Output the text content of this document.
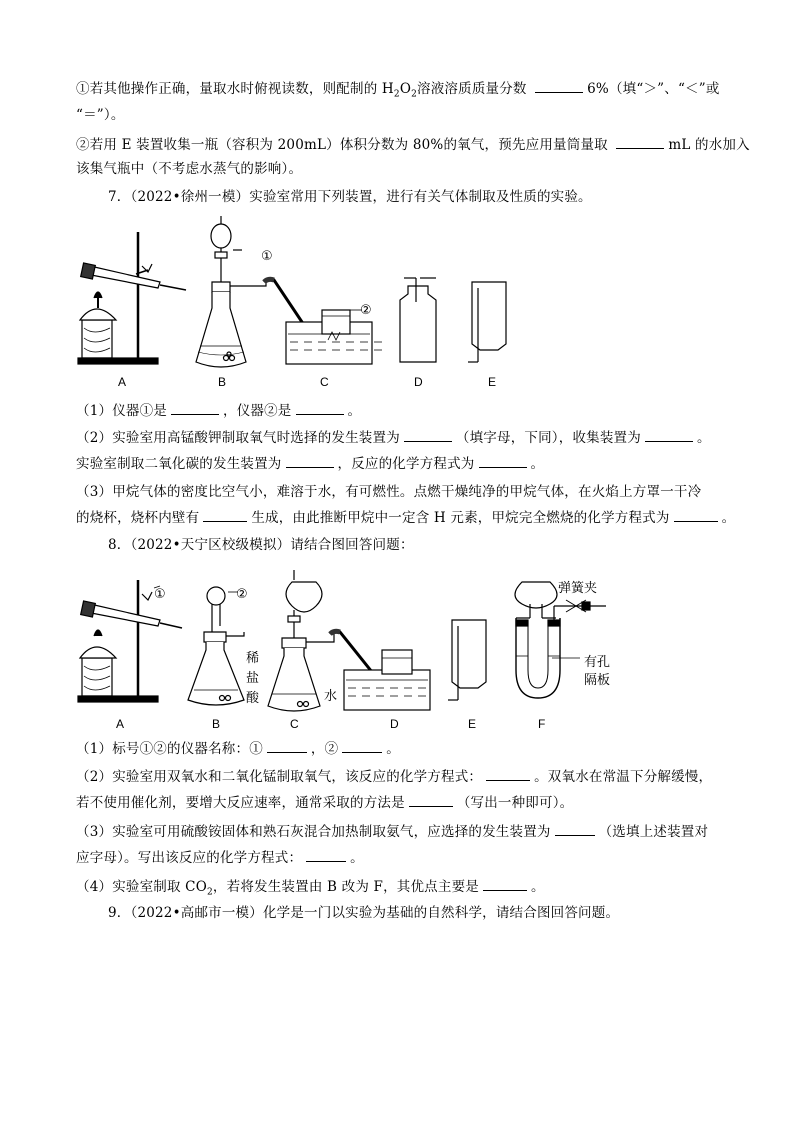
①若其他操作正确，量取水时俯视读数，则配制的 $H_2O_2$溶液溶质质量分数	6%（填“＞”、“＜”或
“＝”）。
②若用 E 装置收集一瓶（容积为 200mL）体积分数为 80%的氧气，预先应用量筒量取	mL 的水加入
该集气瓶中（不考虑水蒸气的影响）。
7．（2022•徐州一模）实验室常用下列装置，进行有关气体制取及性质的实验。
①
②
A	B	C	D	E
（1）仪器①是	，仪器②是	。
（2）实验室用高锰酸钾制取氧气时选择的发生装置为	（填字母，下同），收集装置为	。
实验室制取二氧化碳的发生装置为	，反应的化学方程式为	。
（3）甲烷气体的密度比空气小，难溶于水，有可燃性。点燃干燥纯净的甲烷气体，在火焰上方罩一干冷
的烧杯，烧杯内壁有	生成，由此推断甲烷中一定含 H 元素，甲烷完全燃烧的化学方程式为	。
8．（2022•天宁区校级模拟）请结合图回答问题：
①	②
稀
盐
酸	水
弹簧夹
有孔
隔板
A	B	C	D	E	F
（1）标号①②的仪器名称：①	，②	。
（2）实验室用双氧水和二氧化锰制取氧气，该反应的化学方程式：	。双氧水在常温下分解缓慢，
若不使用催化剂，要增大反应速率，通常采取的方法是	（写出一种即可）。
（3）实验室可用硫酸铵固体和熟石灰混合加热制取氨气，应选择的发生装置为	（选填上述装置对
应字母）。写出该反应的化学方程式：	。
（4）实验室制取 $CO_2$，若将发生装置由 B 改为 F，其优点主要是	。
9．（2022•高邮市一模）化学是一门以实验为基础的自然科学，请结合图回答问题。
